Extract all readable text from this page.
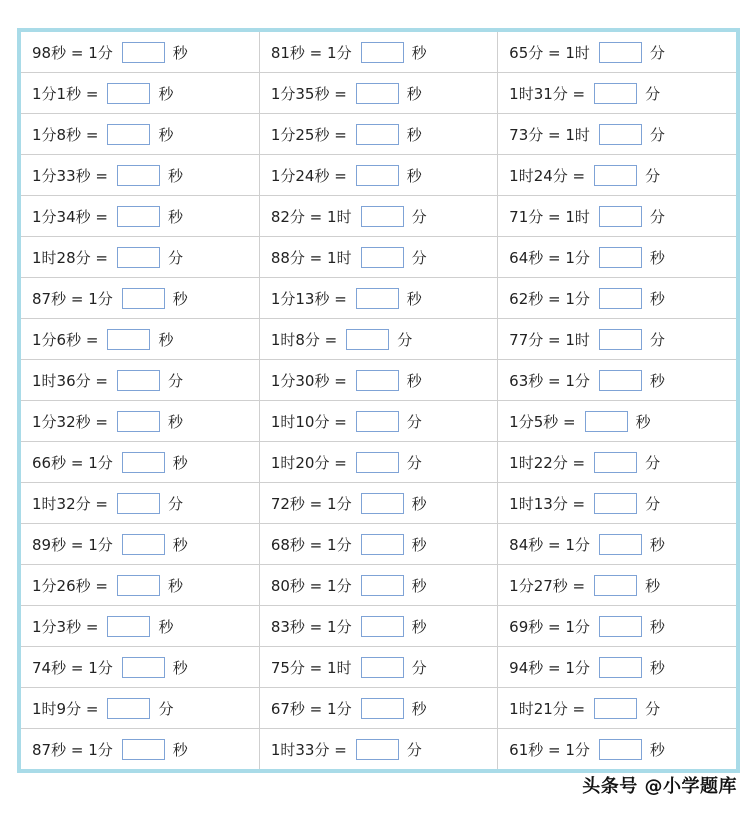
98秒 = 1分 秒	81秒 = 1分 秒	65分 = 1时 分
1分1秒 = 秒	1分35秒 = 秒	1时31分 = 分
1分8秒 = 秒	1分25秒 = 秒	73分 = 1时 分
1分33秒 = 秒	1分24秒 = 秒	1时24分 = 分
1分34秒 = 秒	82分 = 1时 分	71分 = 1时 分
1时28分 = 分	88分 = 1时 分	64秒 = 1分 秒
87秒 = 1分 秒	1分13秒 = 秒	62秒 = 1分 秒
1分6秒 = 秒	1时8分 = 分	77分 = 1时 分
1时36分 = 分	1分30秒 = 秒	63秒 = 1分 秒
1分32秒 = 秒	1时10分 = 分	1分5秒 = 秒
66秒 = 1分 秒	1时20分 = 分	1时22分 = 分
1时32分 = 分	72秒 = 1分 秒	1时13分 = 分
89秒 = 1分 秒	68秒 = 1分 秒	84秒 = 1分 秒
1分26秒 = 秒	80秒 = 1分 秒	1分27秒 = 秒
1分3秒 = 秒	83秒 = 1分 秒	69秒 = 1分 秒
74秒 = 1分 秒	75分 = 1时 分	94秒 = 1分 秒
1时9分 = 分	67秒 = 1分 秒	1时21分 = 分
87秒 = 1分 秒	1时33分 = 分	61秒 = 1分 秒
头条号 @小学题库
